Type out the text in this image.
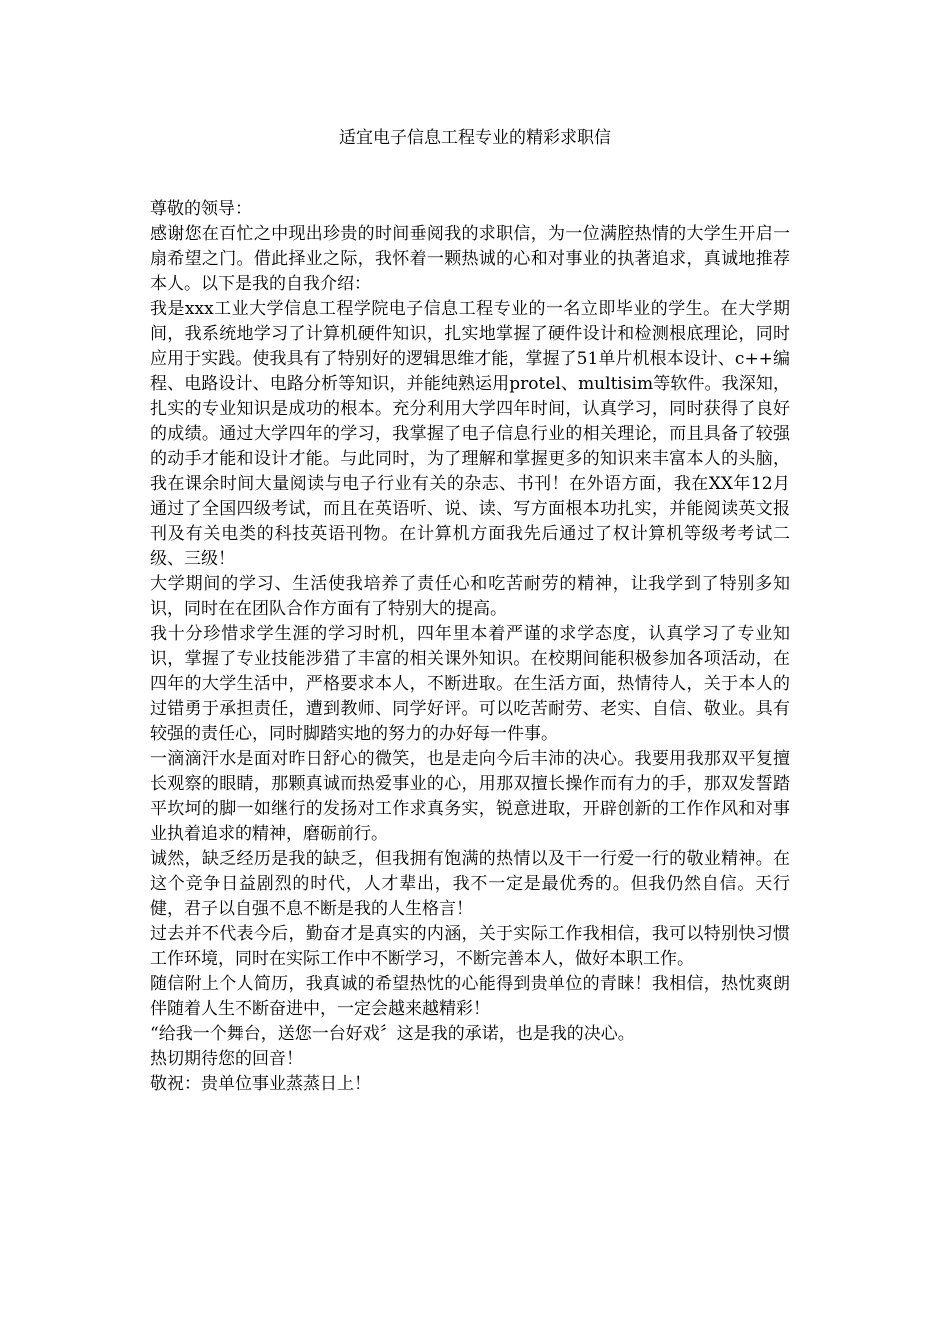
适宜电子信息工程专业的精彩求职信

尊敬的领导：

感谢您在百忙之中现出珍贵的时间垂阅我的求职信，为一位满腔热情的大学生开启一扇希望之门。借此择业之际，我怀着一颗热诚的心和对事业的执著追求，真诚地推荐本人。以下是我的自我介绍：

我是xxx工业大学信息工程学院电子信息工程专业的一名立即毕业的学生。在大学期间，我系统地学习了计算机硬件知识，扎实地掌握了硬件设计和检测根底理论，同时应用于实践。使我具有了特别好的逻辑思维才能，掌握了51单片机根本设计、c++编程、电路设计、电路分析等知识，并能纯熟运用protel、multisim等软件。我深知，扎实的专业知识是成功的根本。充分利用大学四年时间，认真学习，同时获得了良好的成绩。通过大学四年的学习，我掌握了电子信息行业的相关理论，而且具备了较强的动手才能和设计才能。与此同时，为了理解和掌握更多的知识来丰富本人的头脑，我在课余时间大量阅读与电子行业有关的杂志、书刊！在外语方面，我在XX年12月通过了全国四级考试，而且在英语听、说、读、写方面根本功扎实，并能阅读英文报刊及有关电类的科技英语刊物。在计算机方面我先后通过了权计算机等级考考试二级、三级！

大学期间的学习、生活使我培养了责任心和吃苦耐劳的精神，让我学到了特别多知识，同时在在团队合作方面有了特别大的提高。

我十分珍惜求学生涯的学习时机，四年里本着严谨的求学态度，认真学习了专业知识，掌握了专业技能涉猎了丰富的相关课外知识。在校期间能积极参加各项活动，在四年的大学生活中，严格要求本人，不断进取。在生活方面，热情待人，关于本人的过错勇于承担责任，遭到教师、同学好评。可以吃苦耐劳、老实、自信、敬业。具有较强的责任心，同时脚踏实地的努力的办好每一件事。

一滴滴汗水是面对昨日舒心的微笑，也是走向今后丰沛的决心。我要用我那双平复擅长观察的眼睛，那颗真诚而热爱事业的心，用那双擅长操作而有力的手，那双发誓踏平坎坷的脚一如继行的发扬对工作求真务实，锐意进取，开辟创新的工作作风和对事业执着追求的精神，磨砺前行。

诚然，缺乏经历是我的缺乏，但我拥有饱满的热情以及干一行爱一行的敬业精神。在这个竞争日益剧烈的时代，人才辈出，我不一定是最优秀的。但我仍然自信。天行健，君子以自强不息不断是我的人生格言！

过去并不代表今后，勤奋才是真实的内涵，关于实际工作我相信，我可以特别快习惯工作环境，同时在实际工作中不断学习，不断完善本人，做好本职工作。

随信附上个人简历，我真诚的希望热忱的心能得到贵单位的青睐！我相信，热忱爽朗伴随着人生不断奋进中，一定会越来越精彩！

“给我一个舞台，送您一台好戏〞这是我的承诺，也是我的决心。

热切期待您的回音！

敬祝：贵单位事业蒸蒸日上！
